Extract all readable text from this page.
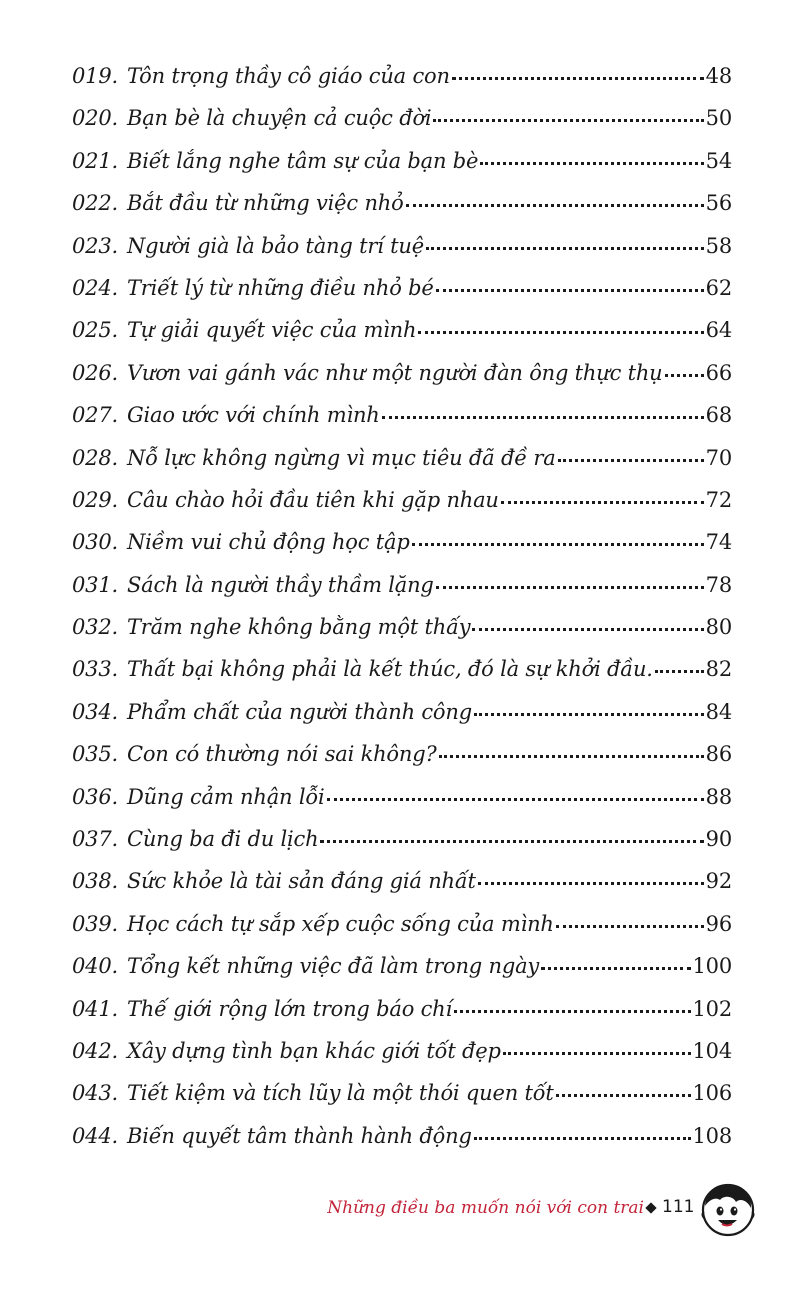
019. Tôn trọng thầy cô giáo của con	48
020. Bạn bè là chuyện cả cuộc đời	50
021. Biết lắng nghe tâm sự của bạn bè	54
022. Bắt đầu từ những việc nhỏ	56
023. Người già là bảo tàng trí tuệ	58
024. Triết lý từ những điều nhỏ bé	62
025. Tự giải quyết việc của mình	64
026. Vươn vai gánh vác như một người đàn ông thực thụ 66
027. Giao ước với chính mình	68
028. Nỗ lực không ngừng vì mục tiêu đã đề ra	70
029. Câu chào hỏi đầu tiên khi gặp nhau	72
030. Niềm vui chủ động học tập	74
031. Sách là người thầy thầm lặng	78
032. Trăm nghe không bằng một thấy	80
033. Thất bại không phải là kết thúc, đó là sự khởi đầu.	82
034. Phẩm chất của người thành công	84
035. Con có thường nói sai không?	86
036. Dũng cảm nhận lỗi	88
037. Cùng ba đi du lịch	90
038. Sức khỏe là tài sản đáng giá nhất	92
039. Học cách tự sắp xếp cuộc sống của mình	96
040. Tổng kết những việc đã làm trong ngày	100
041. Thế giới rộng lớn trong báo chí	102
042. Xây dựng tình bạn khác giới tốt đẹp	104
043. Tiết kiệm và tích lũy là một thói quen tốt	106
044. Biến quyết tâm thành hành động	108
Những điều ba muốn nói với con trai 111
